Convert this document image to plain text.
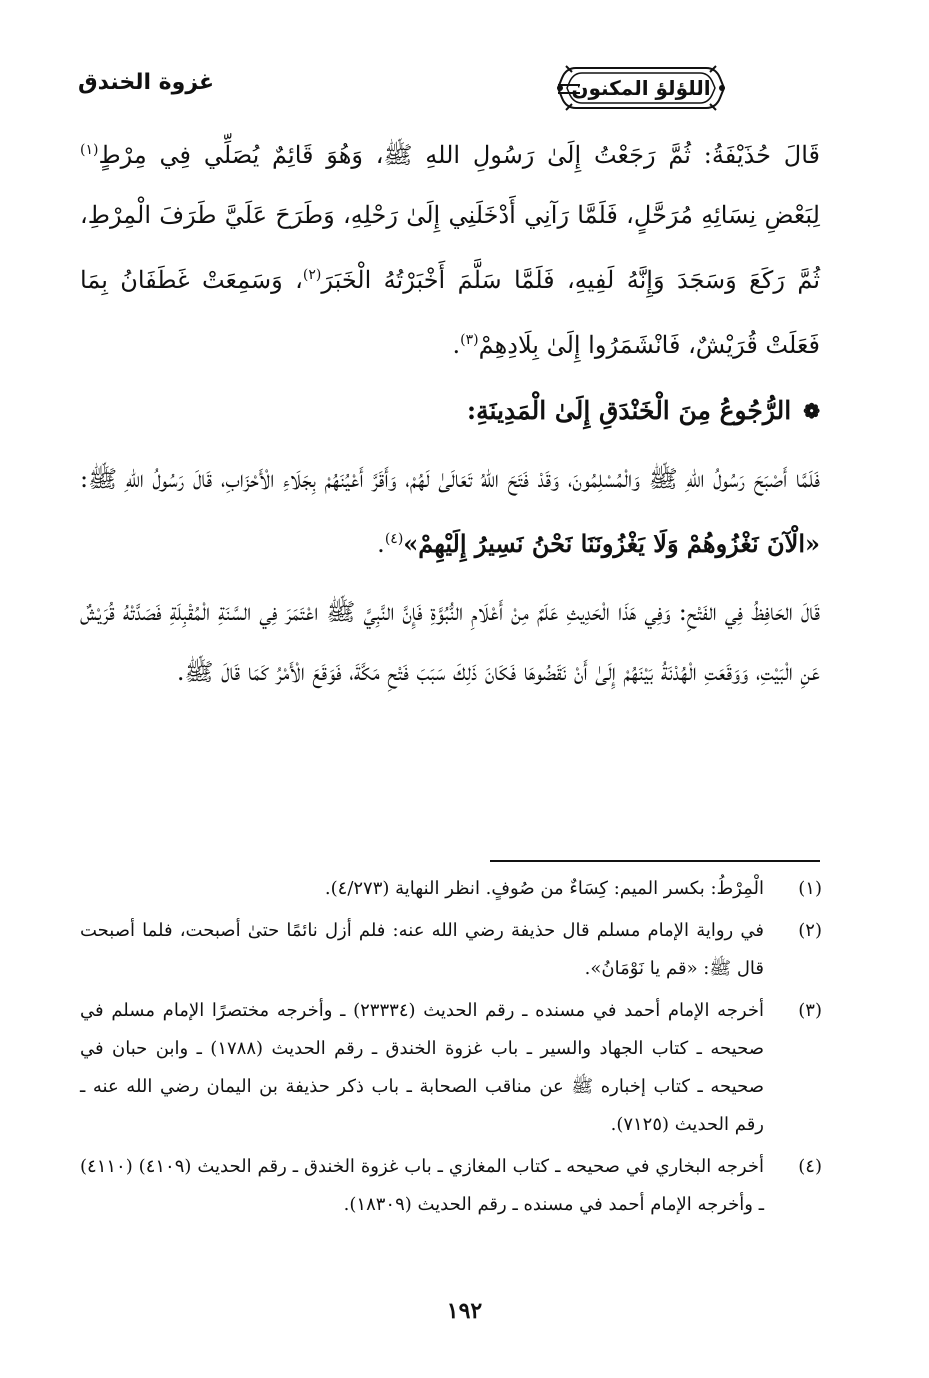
غزوة الخندق	اللؤلؤ المكنون

قَالَ حُذَيْفَةُ: ثُمَّ رَجَعْتُ إِلَىٰ رَسُولِ اللهِ ﷺ، وَهُوَ قَائِمٌ يُصَلِّي فِي مِرْطٍ$^{(١)}$ لِبَعْضِ نِسَائِهِ مُرَحَّلٍ، فَلَمَّا رَآنِي أَدْخَلَنِي إِلَىٰ رَحْلِهِ، وَطَرَحَ عَلَيَّ طَرَفَ الْمِرْطِ، ثُمَّ رَكَعَ وَسَجَدَ وَإِنَّهُ لَفِيهِ، فَلَمَّا سَلَّمَ أَخْبَرْتُهُ الْخَبَرَ$^{(٢)}$، وَسَمِعَتْ غَطَفَانُ بِمَا فَعَلَتْ قُرَيْشٌ، فَانْشَمَرُوا إِلَىٰ بِلَادِهِمْ$^{(٣)}$.

❁
الرُّجُوعُ مِنَ الْخَنْدَقِ إِلَىٰ الْمَدِينَةِ:

فَلَمَّا أَصْبَحَ رَسُولُ اللهِ ﷺ وَالْمُسْلِمُونَ، وَقَدْ فَتَحَ اللهُ تَعَالَىٰ لَهُمْ، وَأَقَرَّ أَعْيُنَهُمْ بِجَلَاءِ الْأَحْزَابِ، قَالَ رَسُولُ اللهِ ﷺ: «الْآنَ نَغْزُوهُمْ وَلَا يَغْزُونَنَا نَحْنُ نَسِيرُ إِلَيْهِمْ»$^{(٤)}$.

قَالَ الحَافِظُ فِي الفَتْحِ: وَفِي هَذَا الْحَدِيثِ عَلَمٌ مِنْ أَعْلَامِ النُّبُوَّةِ فَإِنَّ النَّبِيَّ ﷺ اعْتَمَرَ فِي السَّنَةِ الْمُقْبِلَةِ فَصَدَّتْهُ قُرَيْشٌ عَنِ الْبَيْتِ، وَوَقَعَتِ الْهُدْنَةُ بَيْنَهُمْ إِلَىٰ أَنْ نَقَضُوهَا فَكَانَ ذَلِكَ سَبَبَ فَتْحِ مَكَّةَ، فَوَقَعَ الْأَمْرُ كَمَا قَالَ ﷺ.

(١)
الْمِرْطُ: بكسر الميم: كِسَاءٌ من صُوفٍ. انظر النهاية (٤/٢٧٣).
(٢)
في رواية الإمام مسلم قال حذيفة رضي الله عنه: فلم أزل نائمًا حتىٰ أصبحت، فلما أصبحت قال ﷺ: «قم يا نَوْمَانُ».
(٣)
أخرجه الإمام أحمد في مسنده ـ رقم الحديث (٢٣٣٣٤) ـ وأخرجه مختصرًا الإمام مسلم في صحيحه ـ كتاب الجهاد والسير ـ باب غزوة الخندق ـ رقم الحديث (١٧٨٨) ـ وابن حبان في صحيحه ـ كتاب إخباره ﷺ عن مناقب الصحابة ـ باب ذكر حذيفة بن اليمان رضي الله عنه ـ رقم الحديث (٧١٢٥).
(٤)
أخرجه البخاري في صحيحه ـ كتاب المغازي ـ باب غزوة الخندق ـ رقم الحديث (٤١٠٩) (٤١١٠) ـ وأخرجه الإمام أحمد في مسنده ـ رقم الحديث (١٨٣٠٩).
١٩٢
